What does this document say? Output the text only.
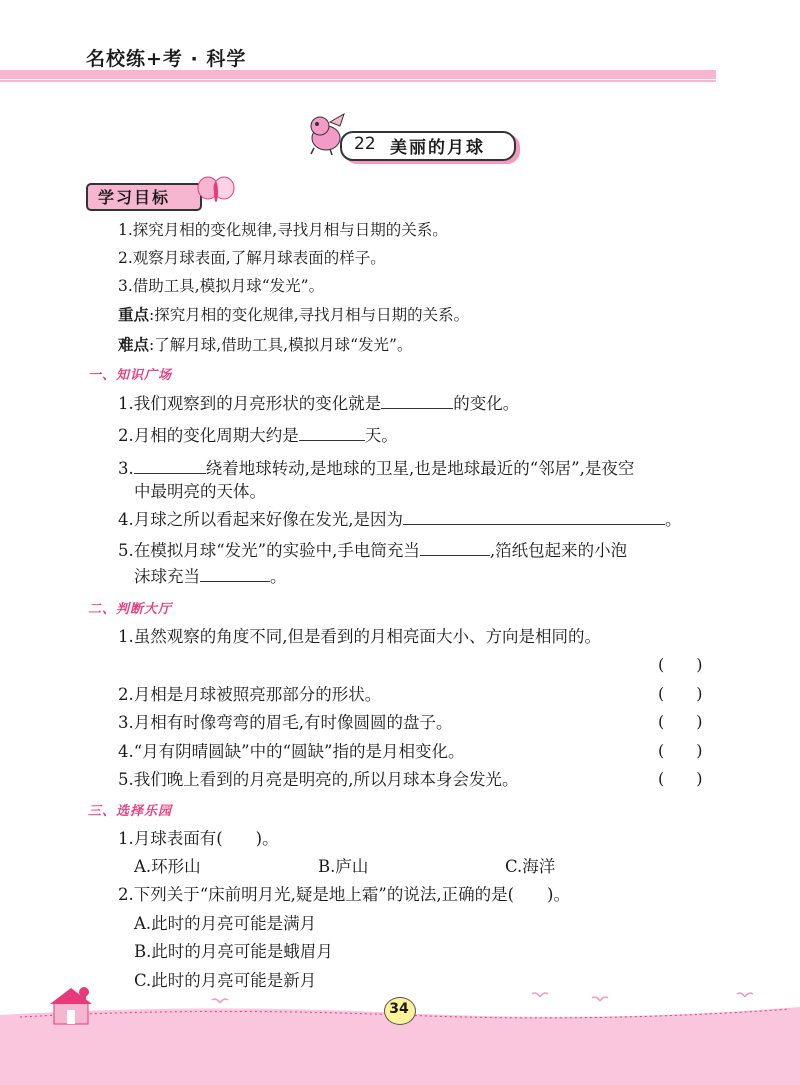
名校练+考 · 科学
22 美丽的月球
学习目标
1.探究月相的变化规律,寻找月相与日期的关系。
2.观察月球表面,了解月球表面的样子。
3.借助工具,模拟月球“发光”。
重点:探究月相的变化规律,寻找月相与日期的关系。
难点:了解月球,借助工具,模拟月球“发光”。
一、知识广场
1.我们观察到的月亮形状的变化就是	的变化。
2.月相的变化周期大约是	天。
3.	绕着地球转动,是地球的卫星,也是地球最近的“邻居”,是夜空
中最明亮的天体。
4.月球之所以看起来好像在发光,是因为	。
5.在模拟月球“发光”的实验中,手电筒充当	,箔纸包起来的小泡
沫球充当	。
二、判断大厅
1.虽然观察的角度不同,但是看到的月相亮面大小、方向是相同的。
(　　)
2.月相是月球被照亮那部分的形状。	(　　)
3.月相有时像弯弯的眉毛,有时像圆圆的盘子。	(　　)
4.“月有阴晴圆缺”中的“圆缺”指的是月相变化。	(　　)
5.我们晚上看到的月亮是明亮的,所以月球本身会发光。	(　　)
三、选择乐园
1.月球表面有(　　)。
A.环形山	B.庐山	C.海洋
2.下列关于“床前明月光,疑是地上霜”的说法,正确的是(　　)。
A.此时的月亮可能是满月
B.此时的月亮可能是蛾眉月
C.此时的月亮可能是新月
34
